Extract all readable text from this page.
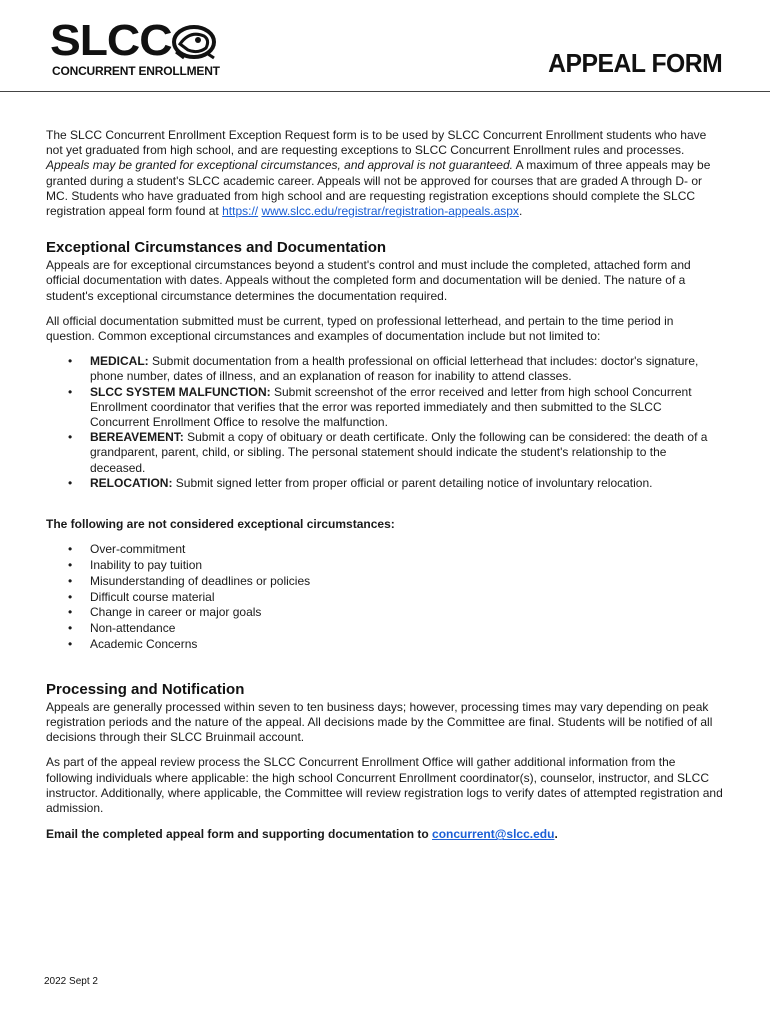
SLCC
CONCURRENT ENROLLMENT	APPEAL FORM

The SLCC Concurrent Enrollment Exception Request form is to be used by SLCC Concurrent Enrollment students who have not yet graduated from high school, and are requesting exceptions to SLCC Concurrent Enrollment rules and processes. Appeals may be granted for exceptional circumstances, and approval is not guaranteed. A maximum of three appeals may be granted during a student's SLCC academic career. Appeals will not be approved for courses that are graded A through D- or MC. Students who have graduated from high school and are requesting registration exceptions should complete the SLCC registration appeal form found at https:// www.slcc.edu/registrar/registration-appeals.aspx.

Exceptional Circumstances and Documentation

Appeals are for exceptional circumstances beyond a student's control and must include the completed, attached form and official documentation with dates. Appeals without the completed form and documentation will be denied. The nature of a student's exceptional circumstance determines the documentation required.

All official documentation submitted must be current, typed on professional letterhead, and pertain to the time period in question. Common exceptional circumstances and examples of documentation include but not limited to:

• MEDICAL: Submit documentation from a health professional on official letterhead that includes: doctor's signature, phone number, dates of illness, and an explanation of reason for inability to attend classes.
• SLCC SYSTEM MALFUNCTION: Submit screenshot of the error received and letter from high school Concurrent Enrollment coordinator that verifies that the error was reported immediately and then submitted to the SLCC Concurrent Enrollment Office to resolve the malfunction.
• BEREAVEMENT: Submit a copy of obituary or death certificate. Only the following can be considered: the death of a grandparent, parent, child, or sibling. The personal statement should indicate the student's relationship to the deceased.
• RELOCATION: Submit signed letter from proper official or parent detailing notice of involuntary relocation.

The following are not considered exceptional circumstances:

• Over-commitment
• Inability to pay tuition
• Misunderstanding of deadlines or policies
• Difficult course material
• Change in career or major goals
• Non-attendance
• Academic Concerns
Processing and Notification

Appeals are generally processed within seven to ten business days; however, processing times may vary depending on peak registration periods and the nature of the appeal. All decisions made by the Committee are final. Students will be notified of all decisions through their SLCC Bruinmail account.

As part of the appeal review process the SLCC Concurrent Enrollment Office will gather additional information from the following individuals where applicable: the high school Concurrent Enrollment coordinator(s), counselor, instructor, and SLCC instructor. Additionally, where applicable, the Committee will review registration logs to verify dates of attempted registration and admission.

Email the completed appeal form and supporting documentation to concurrent@slcc.edu.

2022 Sept 2
